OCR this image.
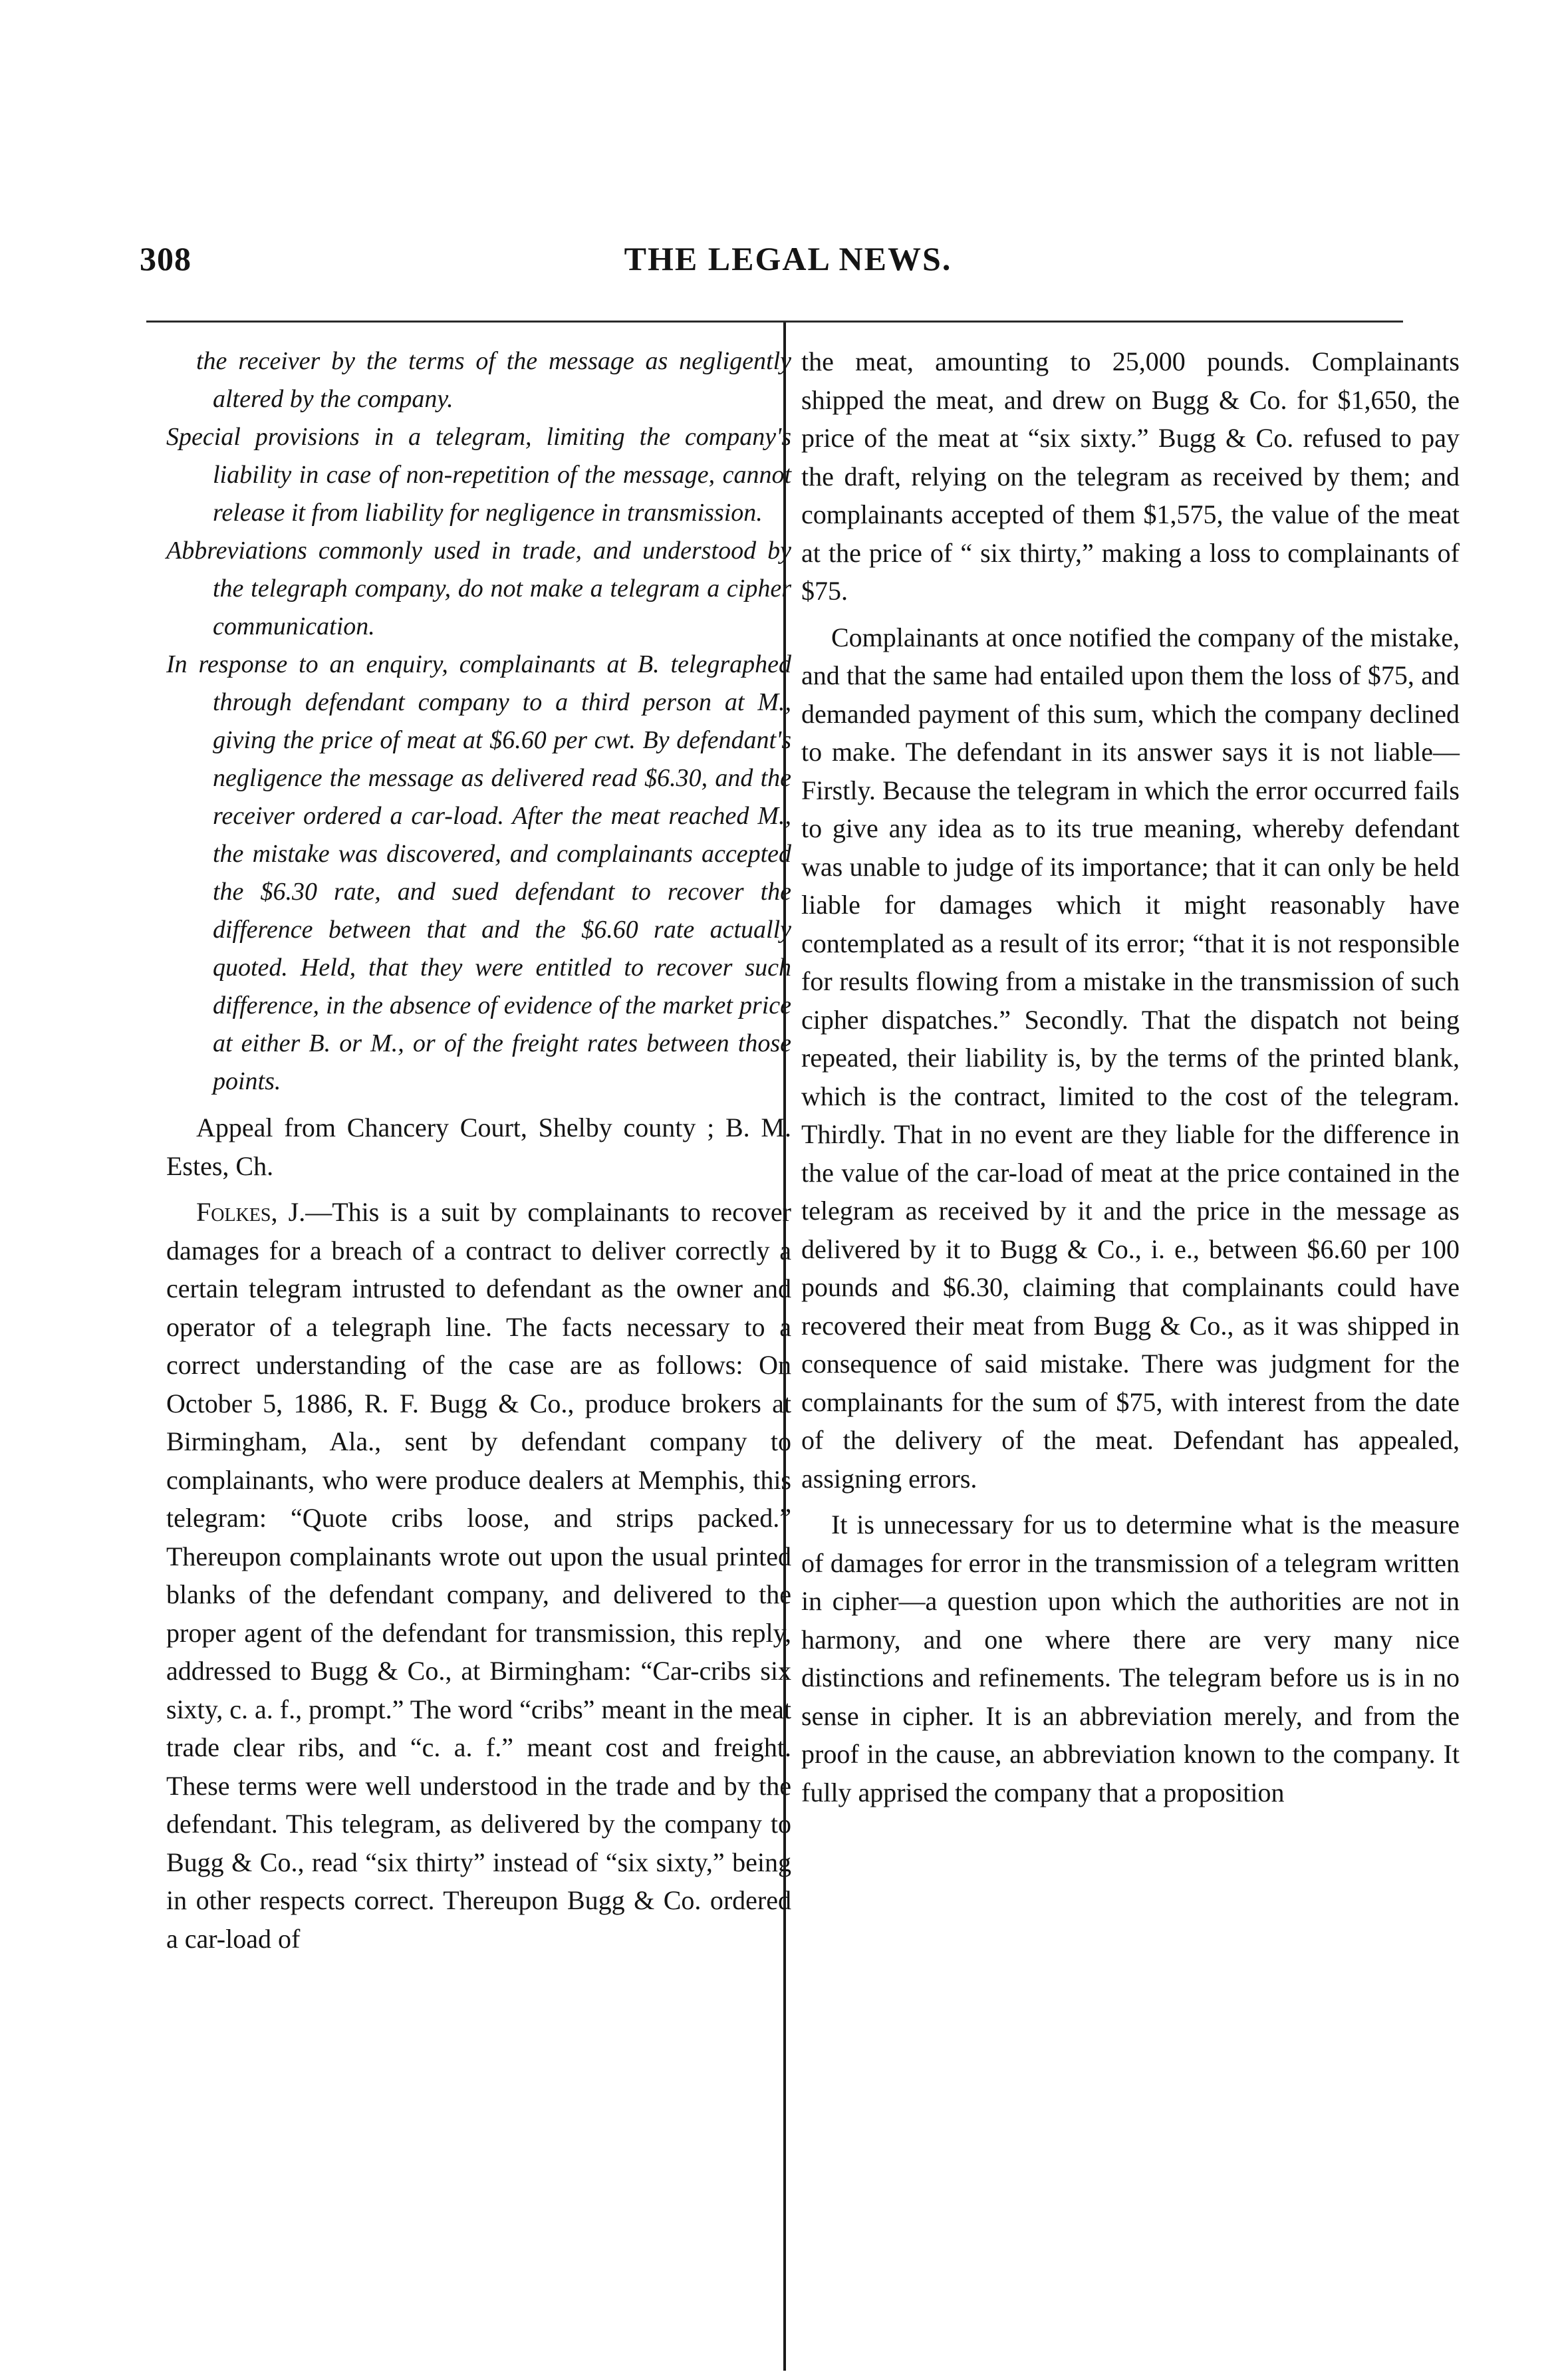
308	THE LEGAL NEWS.

the receiver by the terms of the message as negligently altered by the company.

Special provisions in a telegram, limiting the company's liability in case of non-repetition of the message, cannot release it from liability for negligence in transmission.

Abbreviations commonly used in trade, and understood by the telegraph company, do not make a telegram a cipher communication.

In response to an enquiry, complainants at B. telegraphed through defendant company to a third person at M., giving the price of meat at $6.60 per cwt. By defendant's negligence the message as delivered read $6.30, and the receiver ordered a car-load. After the meat reached M., the mistake was discovered, and complainants accepted the $6.30 rate, and sued defendant to recover the difference between that and the $6.60 rate actually quoted. Held, that they were entitled to recover such difference, in the absence of evidence of the market price at either B. or M., or of the freight rates between those points.

Appeal from Chancery Court, Shelby county ; B. M. Estes, Ch.

Folkes, J.—This is a suit by complainants to recover damages for a breach of a contract to deliver correctly a certain telegram intrusted to defendant as the owner and operator of a telegraph line. The facts necessary to a correct understanding of the case are as follows: On October 5, 1886, R. F. Bugg & Co., produce brokers at Birmingham, Ala., sent by defendant company to complainants, who were produce dealers at Memphis, this telegram: “Quote cribs loose, and strips packed.” Thereupon complainants wrote out upon the usual printed blanks of the defendant company, and delivered to the proper agent of the defendant for transmission, this reply, addressed to Bugg & Co., at Birmingham: “Car-cribs six sixty, c. a. f., prompt.” The word “cribs” meant in the meat trade clear ribs, and “c. a. f.” meant cost and freight. These terms were well understood in the trade and by the defendant. This telegram, as delivered by the company to Bugg & Co., read “six thirty” instead of “six sixty,” being in other respects correct. Thereupon Bugg & Co. ordered a car-load of

the meat, amounting to 25,000 pounds. Complainants shipped the meat, and drew on Bugg & Co. for $1,650, the price of the meat at “six sixty.” Bugg & Co. refused to pay the draft, relying on the telegram as received by them; and complainants accepted of them $1,575, the value of the meat at the price of “ six thirty,” making a loss to complainants of $75.

Complainants at once notified the company of the mistake, and that the same had entailed upon them the loss of $75, and demanded payment of this sum, which the company declined to make. The defendant in its answer says it is not liable—Firstly. Because the telegram in which the error occurred fails to give any idea as to its true meaning, whereby defendant was unable to judge of its importance; that it can only be held liable for damages which it might reasonably have contemplated as a result of its error; “that it is not responsible for results flowing from a mistake in the transmission of such cipher dispatches.” Secondly. That the dispatch not being repeated, their liability is, by the terms of the printed blank, which is the contract, limited to the cost of the telegram. Thirdly. That in no event are they liable for the difference in the value of the car-load of meat at the price contained in the telegram as received by it and the price in the message as delivered by it to Bugg & Co., i. e., between $6.60 per 100 pounds and $6.30, claiming that complainants could have recovered their meat from Bugg & Co., as it was shipped in consequence of said mistake. There was judgment for the complainants for the sum of $75, with interest from the date of the delivery of the meat. Defendant has appealed, assigning errors.

It is unnecessary for us to determine what is the measure of damages for error in the transmission of a telegram written in cipher—a question upon which the authorities are not in harmony, and one where there are very many nice distinctions and refinements. The telegram before us is in no sense in cipher. It is an abbreviation merely, and from the proof in the cause, an abbreviation known to the company. It fully apprised the company that a proposition
